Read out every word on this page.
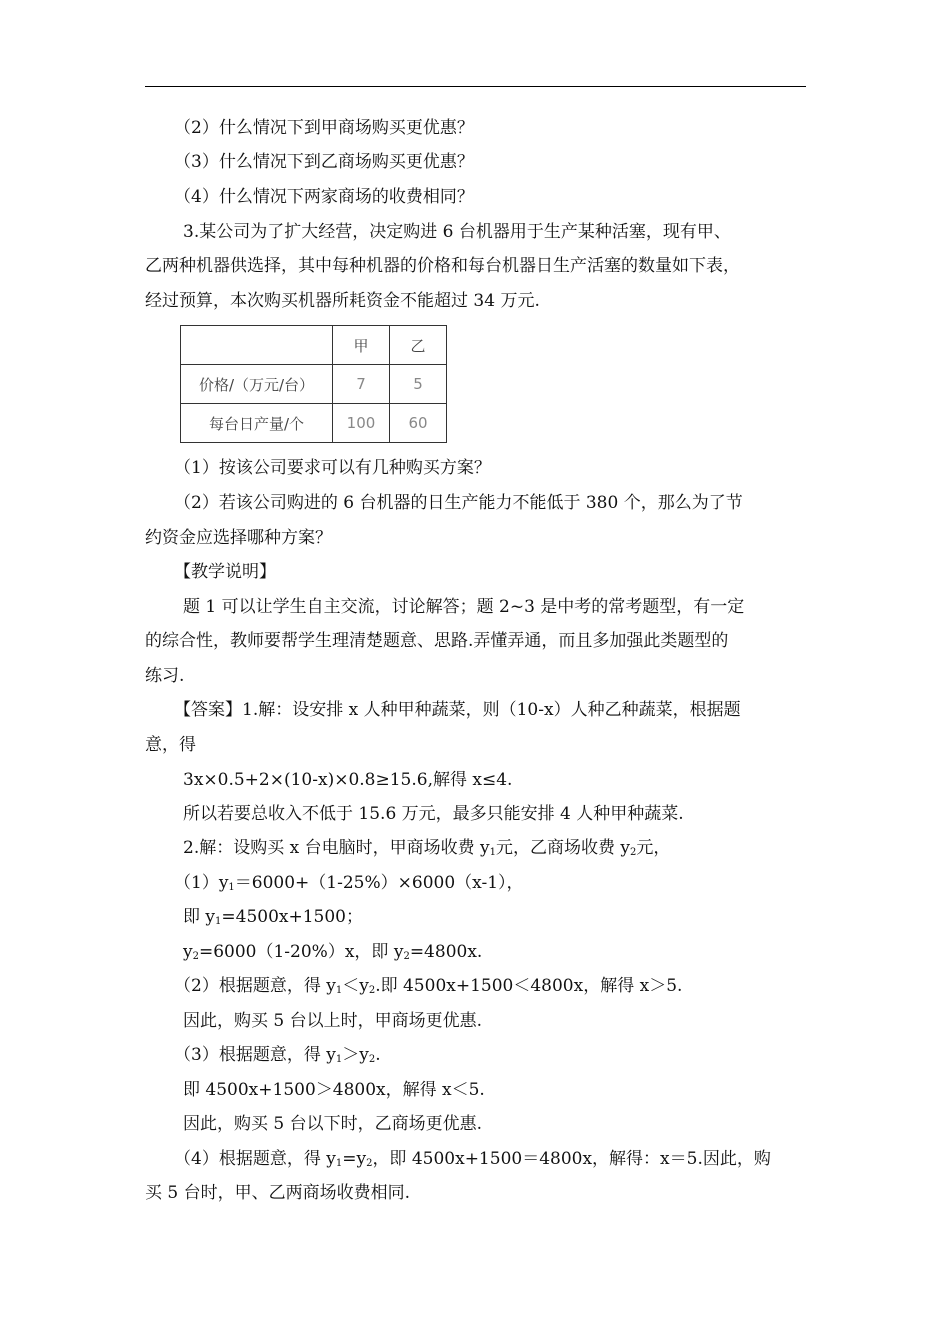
（2）什么情况下到甲商场购买更优惠？
（3）什么情况下到乙商场购买更优惠？
（4）什么情况下两家商场的收费相同？
3.某公司为了扩大经营，决定购进 6 台机器用于生产某种活塞，现有甲、
乙两种机器供选择，其中每种机器的价格和每台机器日生产活塞的数量如下表，
经过预算，本次购买机器所耗资金不能超过 34 万元.
	甲	乙
价格/（万元/台）	7	5
每台日产量/个	100	60
（1）按该公司要求可以有几种购买方案？
（2）若该公司购进的 6 台机器的日生产能力不能低于 380 个，那么为了节
约资金应选择哪种方案？
【教学说明】
题 1 可以让学生自主交流，讨论解答；题 2~3 是中考的常考题型，有一定
的综合性，教师要帮学生理清楚题意、思路.弄懂弄通，而且多加强此类题型的
练习.
【答案】1.解：设安排 x 人种甲种蔬菜，则（10-x）人种乙种蔬菜，根据题
意，得
3x×0.5+2×(10-x)×0.8≥15.6,解得 x≤4.
所以若要总收入不低于 15.6 万元，最多只能安排 4 人种甲种蔬菜.
2.解：设购买 x 台电脑时，甲商场收费 $y_1$元，乙商场收费 $y_2$元，
$(1)y_1=6000+(1-25\%)\times 6000(x-1)$，
即 $y_1=4500x+1500$；
$y_2=6000(1-20\%)x$，即 $y_2=4800x$.
（2）根据题意，得 $y_1<y_2$.即 4500x+1500＜4800x，解得 x＞5.
因此，购买 5 台以上时，甲商场更优惠.
（3）根据题意，得 $y_1>y_2$.
即 4500x+1500＞4800x，解得 x＜5.
因此，购买 5 台以下时，乙商场更优惠.
（4）根据题意，得 $y_1=y_2$，即 4500x+1500＝4800x，解得：x＝5.因此，购
买 5 台时，甲、乙两商场收费相同.
